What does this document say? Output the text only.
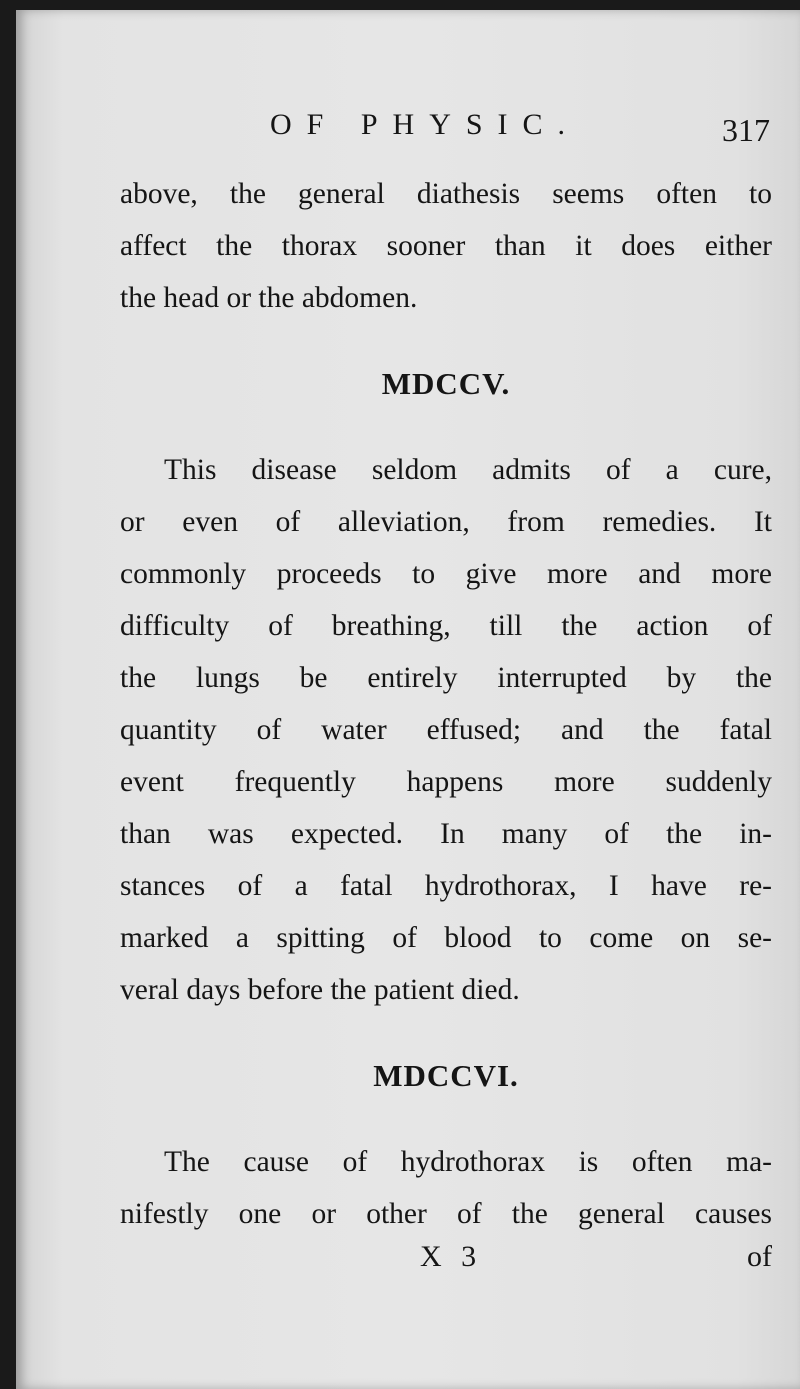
OF PHYSIC.	317

above, the general diathesis seems often to

affect the thorax sooner than it does either

the head or the abdomen.

MDCCV.

This disease seldom admits of a cure,

or even of alleviation, from remedies. It

commonly proceeds to give more and more

difficulty of breathing, till the action of

the lungs be entirely interrupted by the

quantity of water effused; and the fatal

event frequently happens more suddenly

than was expected. In many of the in-

stances of a fatal hydrothorax, I have re-

marked a spitting of blood to come on se-

veral days before the patient died.

MDCCVI.

The cause of hydrothorax is often ma-

nifestly one or other of the general causes

X 3	of
